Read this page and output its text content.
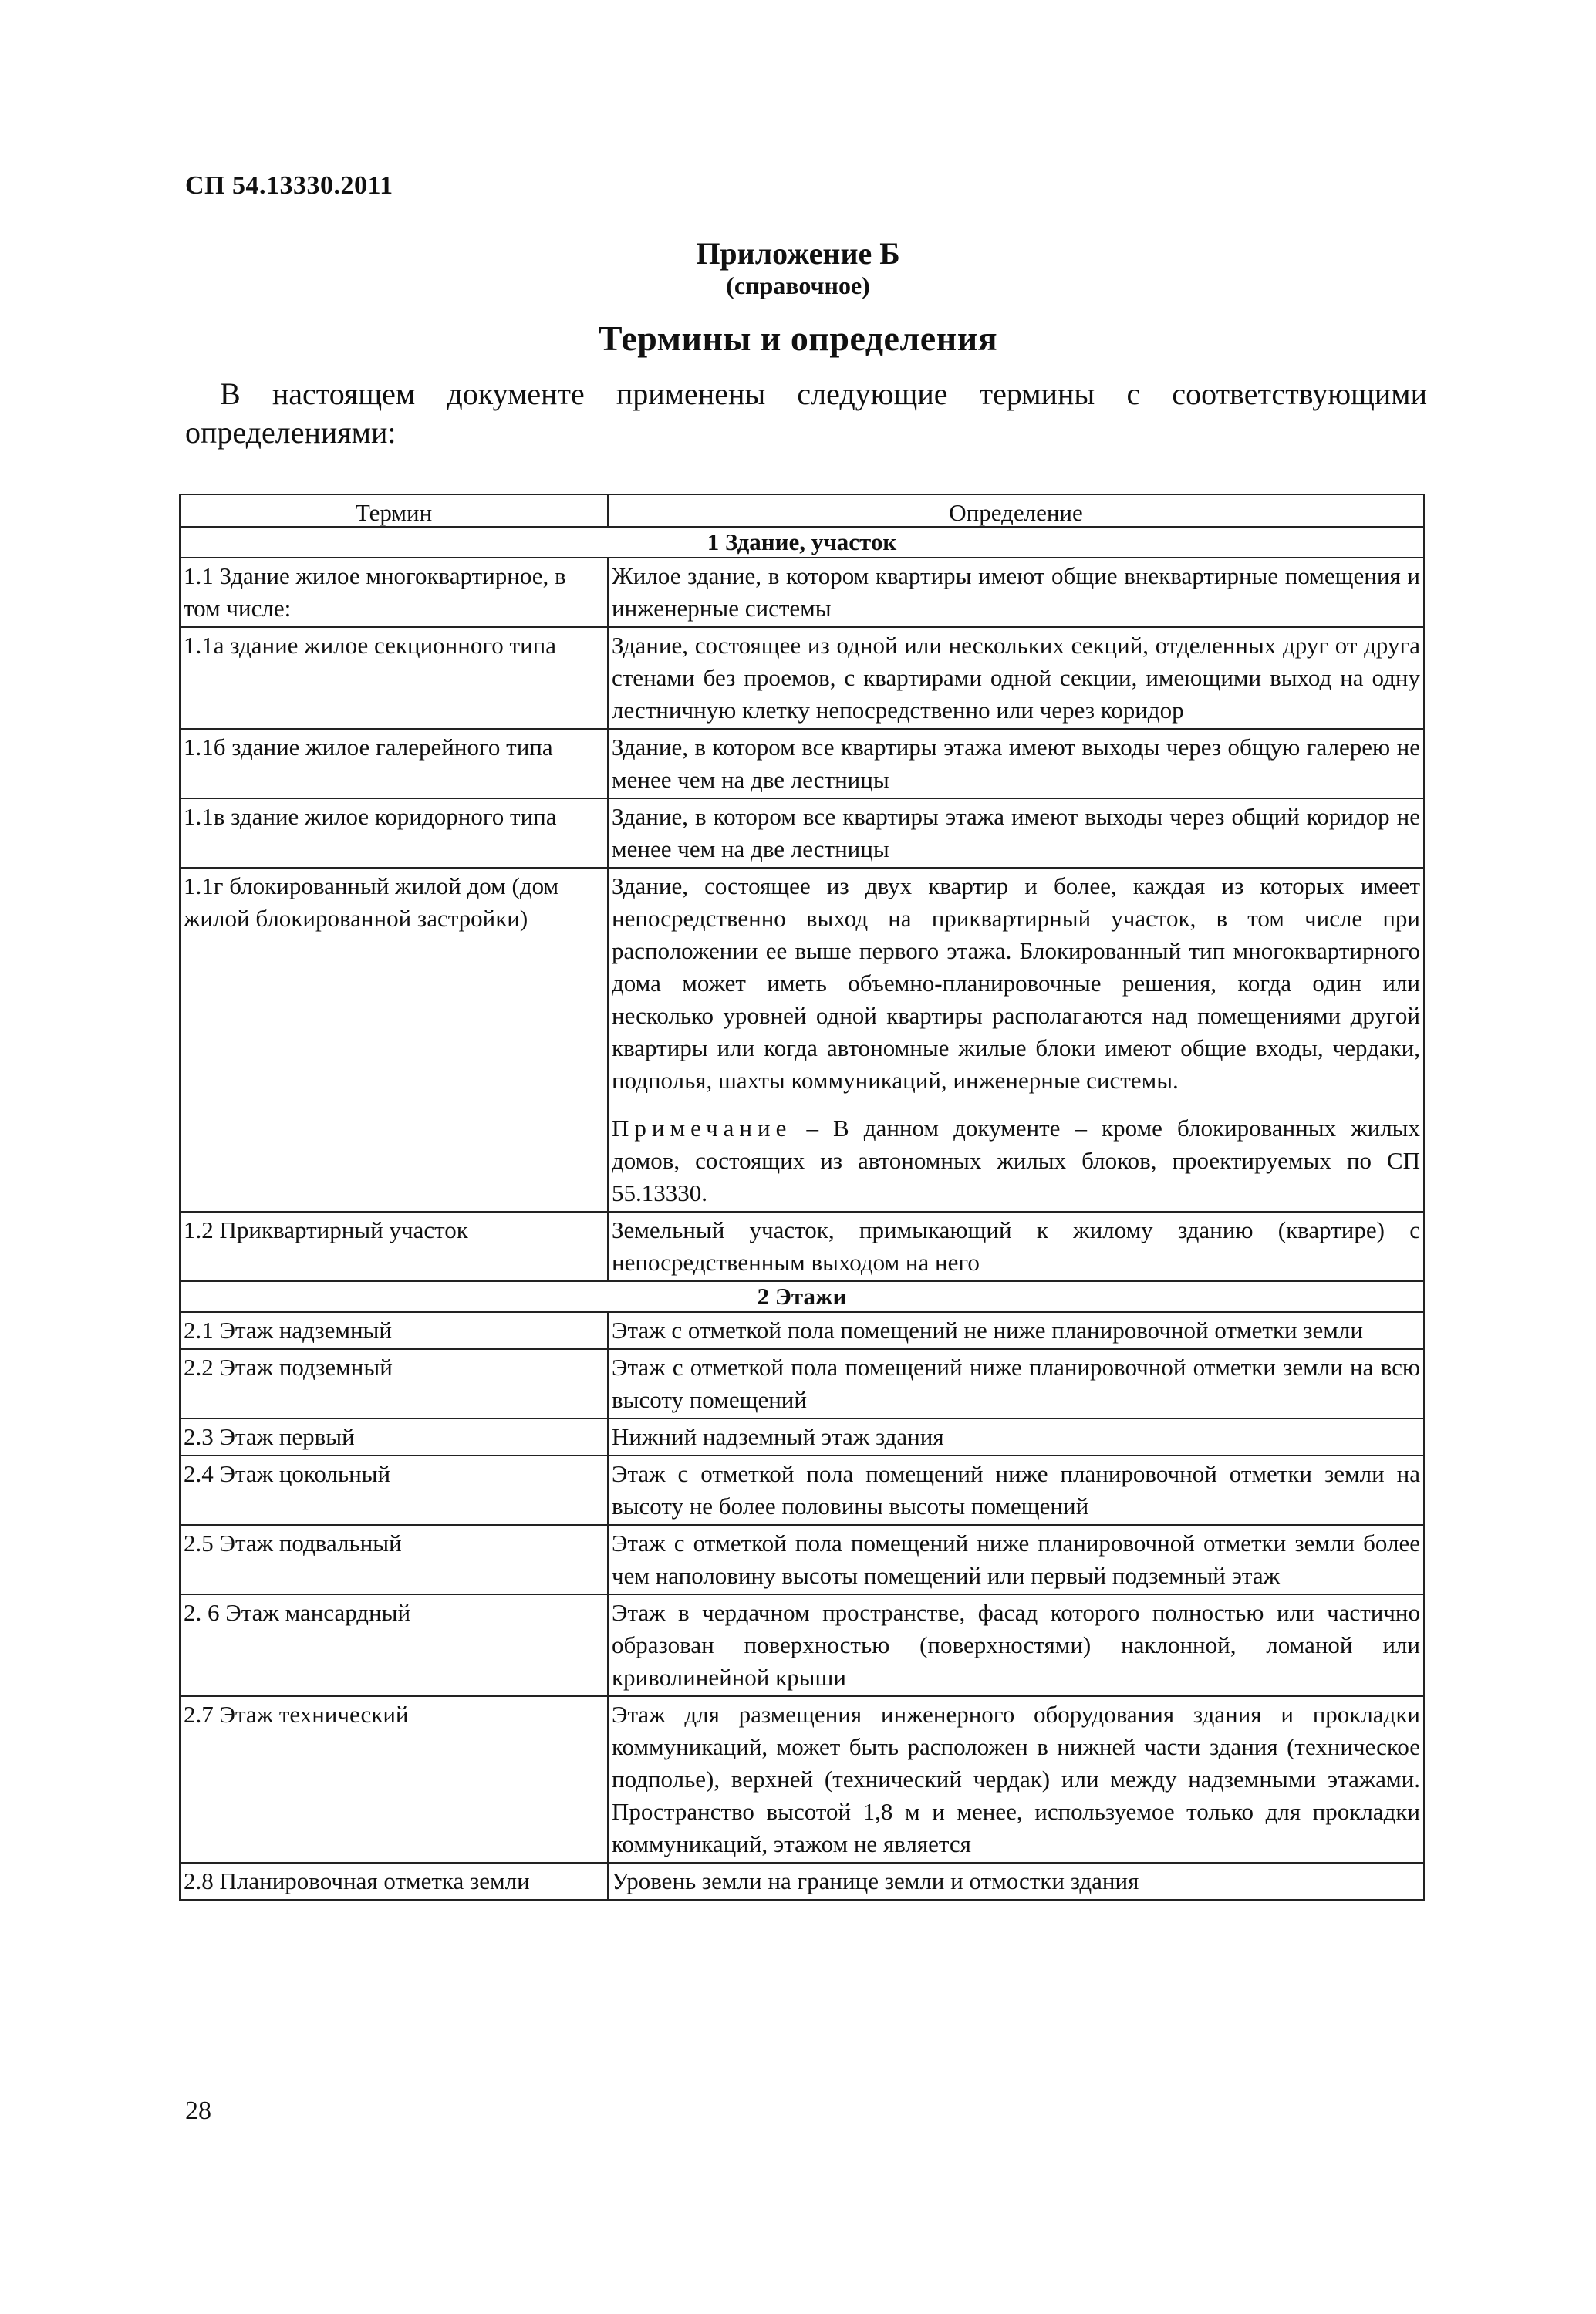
СП 54.13330.2011
Приложение Б
(справочное)
Термины и определения
В настоящем документе применены следующие термины с соответствующими определениями:
Термин	Определение
1 Здание, участок	
1.1 Здание жилое многоквартирное, в том числе:	Жилое здание, в котором квартиры имеют общие внеквартирные помещения и инженерные системы
1.1а здание жилое секционного типа	Здание, состоящее из одной или нескольких секций, отделенных друг от друга стенами без проемов, с квартирами одной секции, имеющими выход на одну лестничную клетку непосредственно или через коридор
1.1б здание жилое галерейного типа	Здание, в котором все квартиры этажа имеют выходы через общую галерею не менее чем на две лестницы
1.1в здание жилое коридорного типа	Здание, в котором все квартиры этажа имеют выходы через общий коридор не менее чем на две лестницы
1.1г блокированный жилой дом (дом жилой блокированной застройки)	Здание, состоящее из двух квартир и более, каждая из которых имеет непосредственно выход на приквартирный участок, в том числе при расположении ее выше первого этажа. Блокированный тип многоквартирного дома может иметь объемно-планировочные решения, когда один или несколько уровней одной квартиры располагаются над помещениями другой квартиры или когда автономные жилые блоки имеют общие входы, чердаки, подполья, шахты коммуникаций, инженерные системы.
Примечание – В данном документе – кроме блокированных жилых домов, состоящих из автономных жилых блоков, проектируемых по СП 55.13330.

1.2 Приквартирный участок	Земельный участок, примыкающий к жилому зданию (квартире) с непосредственным выходом на него
2 Этажи	
2.1 Этаж надземный	Этаж с отметкой пола помещений не ниже планировочной отметки земли
2.2 Этаж подземный	Этаж с отметкой пола помещений ниже планировочной отметки земли на всю высоту помещений
2.3 Этаж первый	Нижний надземный этаж здания
2.4 Этаж цокольный	Этаж с отметкой пола помещений ниже планировочной отметки земли на высоту не более половины высоты помещений
2.5 Этаж подвальный	Этаж с отметкой пола помещений ниже планировочной отметки земли более чем наполовину высоты помещений или первый подземный этаж
2. 6 Этаж мансардный	Этаж в чердачном пространстве, фасад которого полностью или частично образован поверхностью (поверхностями) наклонной, ломаной или криволинейной крыши
2.7 Этаж технический	Этаж для размещения инженерного оборудования здания и прокладки коммуникаций, может быть расположен в нижней части здания (техническое подполье), верхней (технический чердак) или между надземными этажами. Пространство высотой 1,8 м и менее, используемое только для прокладки коммуникаций, этажом не является
2.8 Планировочная отметка земли	Уровень земли на границе земли и отмостки здания
28
